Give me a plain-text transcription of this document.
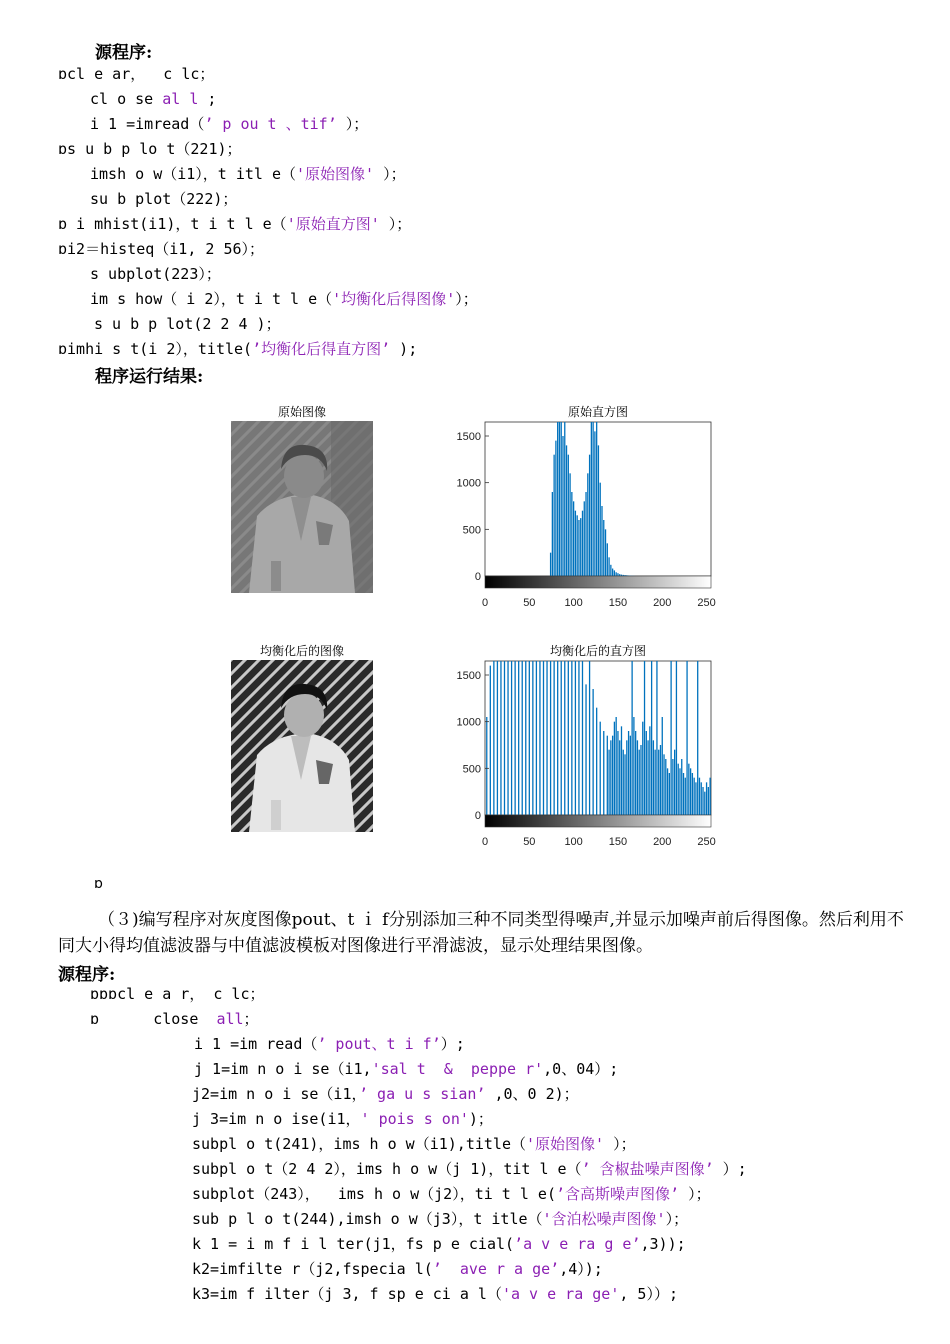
源程序:
ɒcl e ar，  c lc；
cl o se al l ;
i 1 =imread（’ p ou t 、tif’ ）；
ɒs u b p lo t（221)；
imsh o w（i1），t itl e（'原始图像' ）；
su b plot（222)；
ɒ i mhist(i1)，t i t l e（'原始直方图' ）；
ɒi2＝histeq（i1, 2 56）；
s ubplot(223）；
im s how（ i 2），t i t l e（'均衡化后得图像'）；
s u b p lot(2 2 4 )；
ɒimhi s t(i 2），title(’均衡化后得直方图’ );
程序运行结果:
原始图像	原始直方图
均衡化后的图像	均衡化后的直方图
0
500
1000
1500
0	50	100 150 200 250
0
500
1000
1500
0	50	100 150 200 250
ɒ
（３)编写程序对灰度图像pout、t ｉ f分别添加三种不同类型得噪声,并显示加噪声前后得图像。然后利用不同大小得均值滤波器与中值滤波模板对图像进行平滑滤波，显示处理结果图像。
源程序:
ɒɒɒcl e a r， c lc；
ɒ      close  all；
i 1 =im read（’ pout、t i f’）;
j 1=im n o i se（i1,'sal t  &  peppe r',0、04）;
j2=im n o i se（i1，’ ga u s sian’ ,0、0 2)；
j 3=im n o ise(i1，' pois s on')；
subpl o t(241)，ims h o w（i1),title（'原始图像' ）；
subpl o t（2 4 2），ims h o w（j 1)，tit l e（’ 含椒盐噪声图像’ ）;
subplot（243），  ims h o w（j2），ti t l e(’含高斯噪声图像’ ）；
sub p l o t(244),imsh o w（j3），t itle（'含泊松噪声图像'）；
k 1 = i m f i l ter(j1，fs p e cial(’a v e ra g e’,3));
k2=imfilte r（j2,fspecia l(’  ave r a ge’,4）);
k3=im f ilter（j 3, f sp e ci a l（'a v e ra ge', 5））;
